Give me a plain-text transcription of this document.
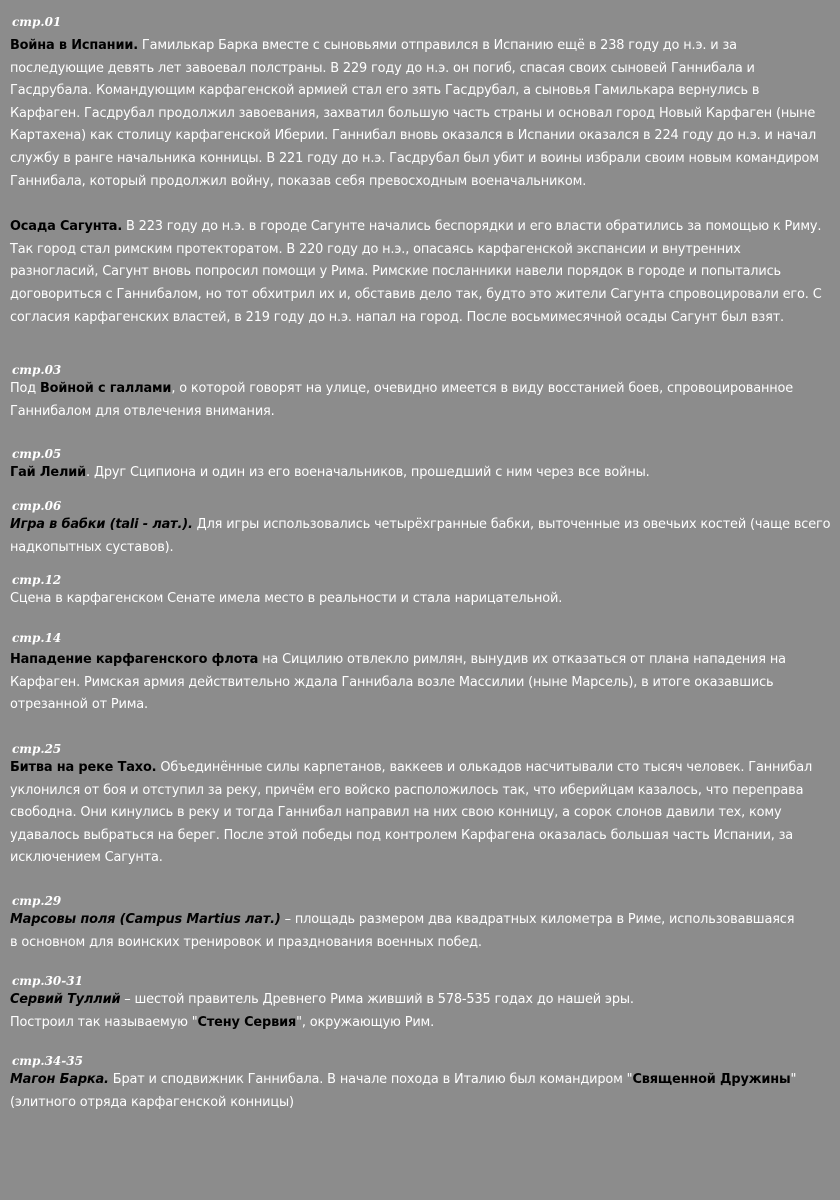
стр.01

Война в Испании. Гамилькар Барка вместе с сыновьями отправился в Испанию ещё в 238 году до н.э. и за последующие девять лет завоевал полстраны. В 229 году до н.э. он погиб, спасая своих сыновей Ганнибала и Гасдрубала. Командующим карфагенской армией стал его зять Гасдрубал, а сыновья Гамилькара вернулись в Карфаген. Гасдрубал продолжил завоевания, захватил большую часть страны и основал город Новый Карфаген (ныне Картахена) как столицу карфагенской Иберии. Ганнибал вновь оказался в Испании оказался в 224 году до н.э. и начал службу в ранге начальника конницы. В 221 году до н.э. Гасдрубал был убит и воины избрали своим новым командиром Ганнибала, который продолжил войну, показав себя превосходным военачальником.

Осада Сагунта. В 223 году до н.э. в городе Сагунте начались беспорядки и его власти обратились за помощью к Риму. Так город стал римским протекторатом. В 220 году до н.э., опасаясь карфагенской экспансии и внутренних разногласий, Сагунт вновь попросил помощи у Рима. Римские посланники навели порядок в городе и попытались договориться с Ганнибалом, но тот обхитрил их и, обставив дело так, будто это жители Сагунта спровоцировали его. С согласия карфагенских властей, в 219 году до н.э. напал на город. После восьмимесячной осады Сагунт был взят.

стр.03

Под Войной с галлами, о которой говорят на улице, очевидно имеется в виду восстанией боев, спровоцированное Ганнибалом для отвлечения внимания.

стр.05

Гай Лелий. Друг Сципиона и один из его военачальников, прошедший с ним через все войны.

стр.06

Игра в бабки (tali - лат.). Для игры использовались четырёхгранные бабки, выточенные из овечьих костей (чаще всего надкопытных суставов).

стр.12

Сцена в карфагенском Сенате имела место в реальности и стала нарицательной.

стр.14

Нападение карфагенского флота на Сицилию отвлекло римлян, вынудив их отказаться от плана нападения на Карфаген. Римская армия действительно ждала Ганнибала возле Массилии (ныне Марсель), в итоге оказавшись отрезанной от Рима.

стр.25

Битва на реке Тахо. Объединённые силы карпетанов, ваккеев и олькадов насчитывали сто тысяч человек. Ганнибал уклонился от боя и отступил за реку, причём его войско расположилось так, что иберийцам казалось, что переправа свободна. Они кинулись в реку и тогда Ганнибал направил на них свою конницу, а сорок слонов давили тех, кому удавалось выбраться на берег. После этой победы под контролем Карфагена оказалась большая часть Испании, за исключением Сагунта.

стр.29

Марсовы поля (Campus Martius лат.) – площадь размером два квадратных километра в Риме, использовавшаяся в основном для воинских тренировок и празднования военных побед.

стр.30-31

Сервий Туллий – шестой правитель Древнего Рима живший в 578-535 годах до нашей эры.
Построил так называемую "Стену Сервия", окружающую Рим.

стр.34-35

Магон Барка. Брат и сподвижник Ганнибала. В начале похода в Италию был командиром "Священной Дружины" (элитного отряда карфагенской конницы)
